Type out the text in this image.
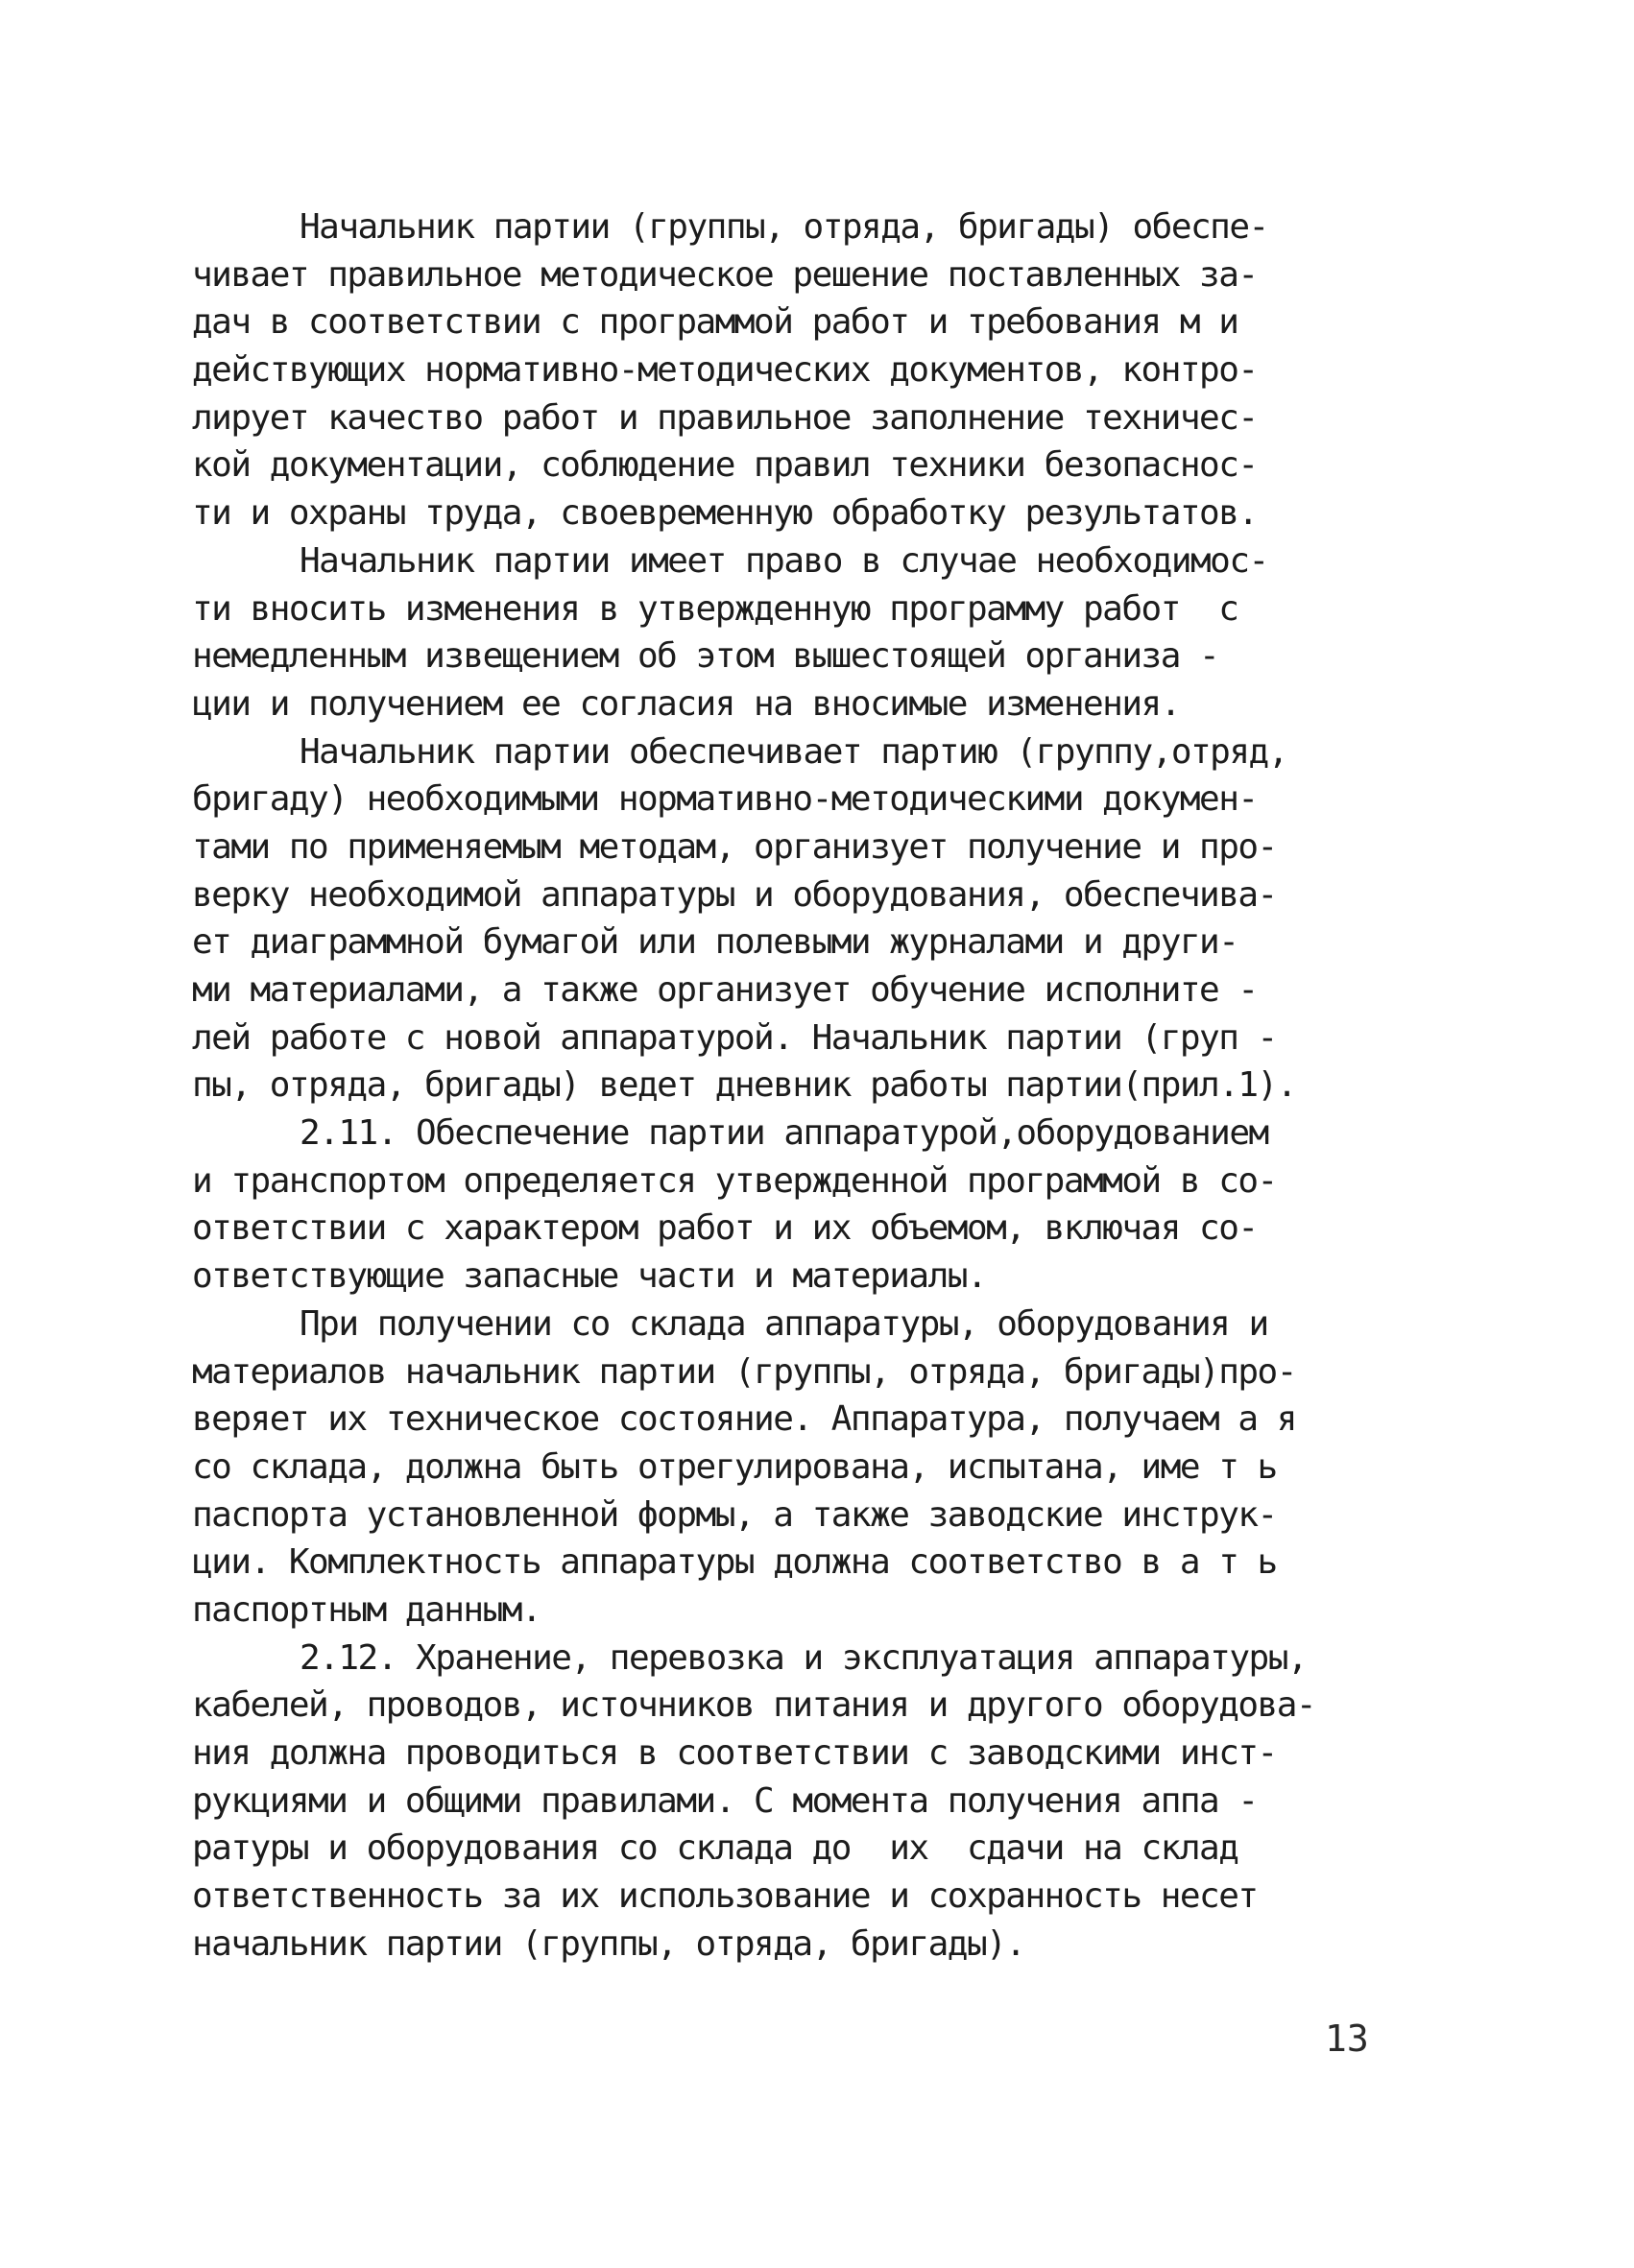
Начальник партии (группы, отряда, бригады) обеспе-
чивает правильное методическое решение поставленных за-
дач в соответствии с программой работ и требования м и
действующих нормативно-методических документов, контро-
лирует качество работ и правильное заполнение техничес-
кой документации, соблюдение правил техники безопаснос-
ти и охраны труда, своевременную обработку результатов.
Начальник партии имеет право в случае необходимос-
ти вносить изменения в утвержденную программу работ  с
немедленным извещением об этом вышестоящей организа -
ции и получением ее согласия на вносимые изменения.
Начальник партии обеспечивает партию (группу,отряд,
бригаду) необходимыми нормативно-методическими докумен-
тами по применяемым методам, организует получение и про-
верку необходимой аппаратуры и оборудования, обеспечива-
ет диаграммной бумагой или полевыми журналами и други-
ми материалами, а также организует обучение исполните -
лей работе с новой аппаратурой. Начальник партии (груп -
пы, отряда, бригады) ведет дневник работы партии(прил.1).
2.11. Обеспечение партии аппаратурой,оборудованием
и транспортом определяется утвержденной программой в со-
ответствии с характером работ и их объемом, включая со-
ответствующие запасные части и материалы.
При получении со склада аппаратуры, оборудования и
материалов начальник партии (группы, отряда, бригады)про-
веряет их техническое состояние. Аппаратура, получаем а я
со склада, должна быть отрегулирована, испытана, име т ь
паспорта установленной формы, а также заводские инструк-
ции. Комплектность аппаратуры должна соответство в а т ь
паспортным данным.
2.12. Хранение, перевозка и эксплуатация аппаратуры,
кабелей, проводов, источников питания и другого оборудова-
ния должна проводиться в соответствии с заводскими инст-
рукциями и общими правилами. С момента получения аппа -
ратуры и оборудования со склада до  их  сдачи на склад
ответственность за их использование и сохранность несет
начальник партии (группы, отряда, бригады).
13
